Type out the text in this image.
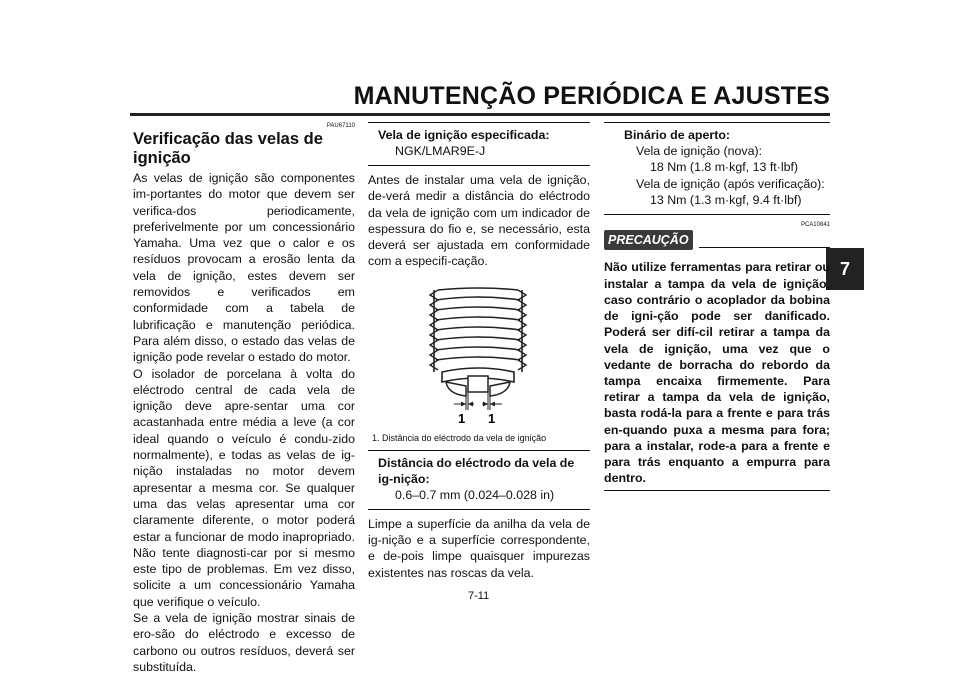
MANUTENÇÃO PERIÓDICA E AJUSTES
7
7-11
PAU67110
Verificação das velas de ignição

As velas de ignição são componentes im-portantes do motor que devem ser verifica-dos periodicamente, preferivelmente por um concessionário Yamaha. Uma vez que o calor e os resíduos provocam a erosão lenta da vela de ignição, estes devem ser removidos e verificados em conformidade com a tabela de lubrificação e manutenção periódica. Para além disso, o estado das velas de ignição pode revelar o estado do motor.

O isolador de porcelana à volta do eléctrodo central de cada vela de ignição deve apre-sentar uma cor acastanhada entre média a leve (a cor ideal quando o veículo é condu-zido normalmente), e todas as velas de ig-nição instaladas no motor devem apresentar a mesma cor. Se qualquer uma das velas apresentar uma cor claramente diferente, o motor poderá estar a funcionar de modo inapropriado. Não tente diagnosti-car por si mesmo este tipo de problemas. Em vez disso, solicite a um concessionário Yamaha que verifique o veículo.

Se a vela de ignição mostrar sinais de ero-são do eléctrodo e excesso de carbono ou outros resíduos, deverá ser substituída.

Vela de ignição especificada:
NGK/LMAR9E-J

Antes de instalar uma vela de ignição, de-verá medir a distância do eléctrodo da vela de ignição com um indicador de espessura do fio e, se necessário, esta deverá ser ajustada em conformidade com a especifi-cação.

1 1
1. Distância do eléctrodo da vela de ignição
Distância do eléctrodo da vela de ig-nição:
0.6–0.7 mm (0.024–0.028 in)

Limpe a superfície da anilha da vela de ig-nição e a superfície correspondente, e de-pois limpe quaisquer impurezas existentes nas roscas da vela.

Binário de aperto:
Vela de ignição (nova):
18 Nm (1.8 m·kgf, 13 ft·lbf)
Vela de ignição (após verificação):
13 Nm (1.3 m·kgf, 9.4 ft·lbf)
PCA10841
PRECAUÇÃO

Não utilize ferramentas para retirar ou instalar a tampa da vela de ignição, caso contrário o acoplador da bobina de igni-ção pode ser danificado. Poderá ser difí-cil retirar a tampa da vela de ignição, uma vez que o vedante de borracha do rebordo da tampa encaixa firmemente. Para retirar a tampa da vela de ignição, basta rodá-la para a frente e para trás en-quando puxa a mesma para fora; para a instalar, rode-a para a frente e para trás enquanto a empurra para dentro.
